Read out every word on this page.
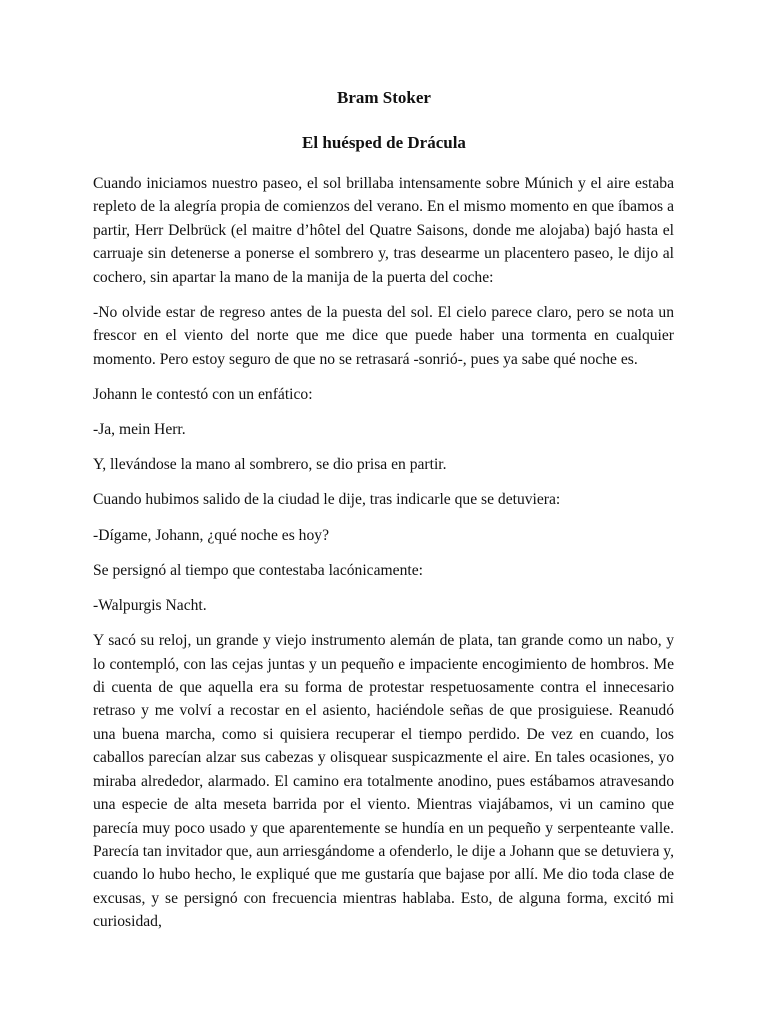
Bram Stoker
El huésped de Drácula

Cuando iniciamos nuestro paseo, el sol brillaba intensamente sobre Múnich y el aire estaba repleto de la alegría propia de comienzos del verano. En el mismo momento en que íbamos a partir, Herr Delbrück (el maitre d’hôtel del Quatre Saisons, donde me alojaba) bajó hasta el carruaje sin detenerse a ponerse el sombrero y, tras desearme un placentero paseo, le dijo al cochero, sin apartar la mano de la manija de la puerta del coche:

-No olvide estar de regreso antes de la puesta del sol. El cielo parece claro, pero se nota un frescor en el viento del norte que me dice que puede haber una tormenta en cualquier momento. Pero estoy seguro de que no se retrasará -sonrió-, pues ya sabe qué noche es.

Johann le contestó con un enfático:

-Ja, mein Herr.

Y, llevándose la mano al sombrero, se dio prisa en partir.

Cuando hubimos salido de la ciudad le dije, tras indicarle que se detuviera:

-Dígame, Johann, ¿qué noche es hoy?

Se persignó al tiempo que contestaba lacónicamente:

-Walpurgis Nacht.

Y sacó su reloj, un grande y viejo instrumento alemán de plata, tan grande como un nabo, y lo contempló, con las cejas juntas y un pequeño e impaciente encogimiento de hombros. Me di cuenta de que aquella era su forma de protestar respetuosamente contra el innecesario retraso y me volví a recostar en el asiento, haciéndole señas de que prosiguiese. Reanudó una buena marcha, como si quisiera recuperar el tiempo perdido. De vez en cuando, los caballos parecían alzar sus cabezas y olisquear suspicazmente el aire. En tales ocasiones, yo miraba alrededor, alarmado. El camino era totalmente anodino, pues estábamos atravesando una especie de alta meseta barrida por el viento. Mientras viajábamos, vi un camino que parecía muy poco usado y que aparentemente se hundía en un pequeño y serpenteante valle. Parecía tan invitador que, aun arriesgándome a ofenderlo, le dije a Johann que se detuviera y, cuando lo hubo hecho, le expliqué que me gustaría que bajase por allí. Me dio toda clase de excusas, y se persignó con frecuencia mientras hablaba. Esto, de alguna forma, excitó mi curiosidad,
